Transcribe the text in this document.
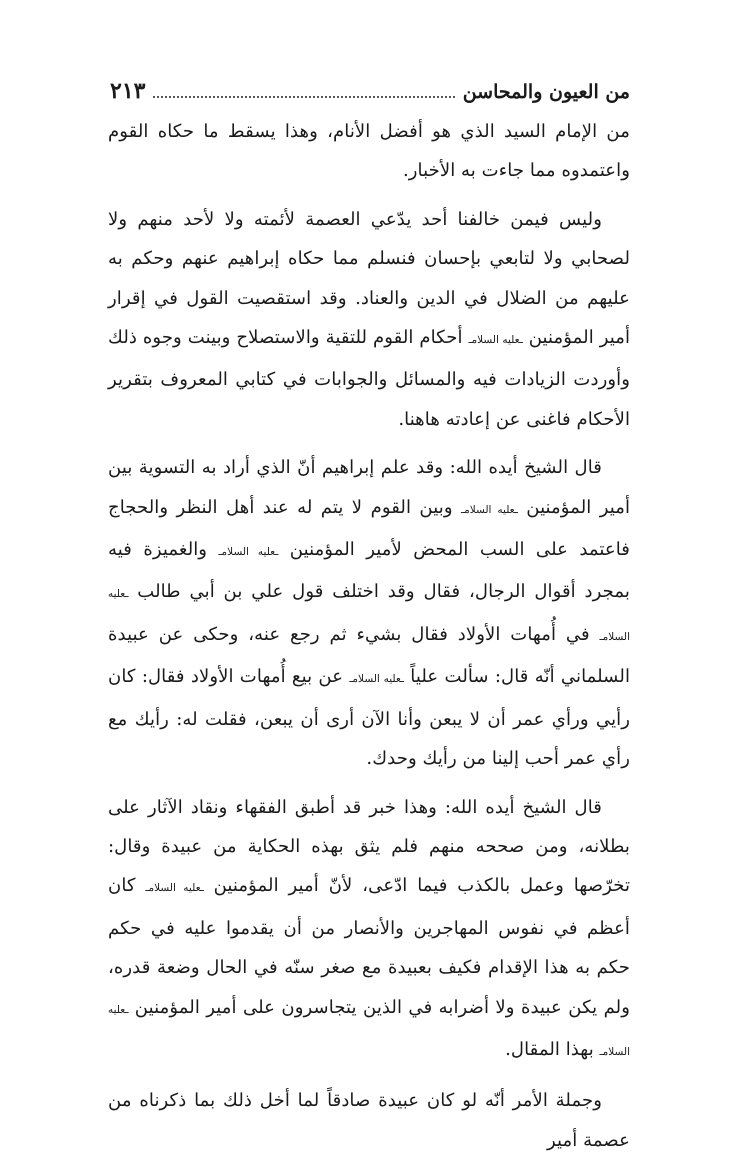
من العيون والمحاسن
٢١٣

من الإمام السيد الذي هو أفضل الأنام، وهذا يسقط ما حكاه القوم واعتمدوه مما جاءت به الأخبار.

وليس فيمن خالفنا أحد يدّعي العصمة لأئمته ولا لأحد منهم ولا لصحابي ولا لتابعي بإحسان فنسلم مما حكاه إبراهيم عنهم وحكم به عليهم من الضلال في الدين والعناد. وقد استقصيت القول في إقرار أمير المؤمنين ـعليه السلامـ أحكام القوم للتقية والاستصلاح وبينت وجوه ذلك وأوردت الزيادات فيه والمسائل والجوابات في كتابي المعروف بتقرير الأحكام فاغنى عن إعادته هاهنا.

قال الشيخ أيده الله: وقد علم إبراهيم أنّ الذي أراد به التسوية بين أمير المؤمنين ـعليه السلامـ وبين القوم لا يتم له عند أهل النظر والحجاج فاعتمد على السب المحض لأمير المؤمنين ـعليه السلامـ والغميزة فيه بمجرد أقوال الرجال، فقال وقد اختلف قول علي بن أبي طالب ـعليه السلامـ في أُمهات الأولاد فقال بشيء ثم رجع عنه، وحكى عن عبيدة السلماني أنّه قال: سألت علياً ـعليه السلامـ عن بيع أُمهات الأولاد فقال: كان رأيي ورأي عمر أن لا يبعن وأنا الآن أرى أن يبعن، فقلت له: رأيك مع رأي عمر أحب إلينا من رأيك وحدك.

قال الشيخ أيده الله: وهذا خبر قد أطبق الفقهاء ونقاد الآثار على بطلانه، ومن صححه منهم فلم يثق بهذه الحكاية من عبيدة وقال: تخرّصها وعمل بالكذب فيما ادّعى، لأنّ أمير المؤمنين ـعليه السلامـ كان أعظم في نفوس المهاجرين والأنصار من أن يقدموا عليه في حكم حكم به هذا الإقدام فكيف بعبيدة مع صغر سنّه في الحال وضعة قدره، ولم يكن عبيدة ولا أضرابه في الذين يتجاسرون على أمير المؤمنين ـعليه السلامـ بهذا المقال.

وجملة الأمر أنّه لو كان عبيدة صادقاً لما أخل ذلك بما ذكرناه من عصمة أمير
